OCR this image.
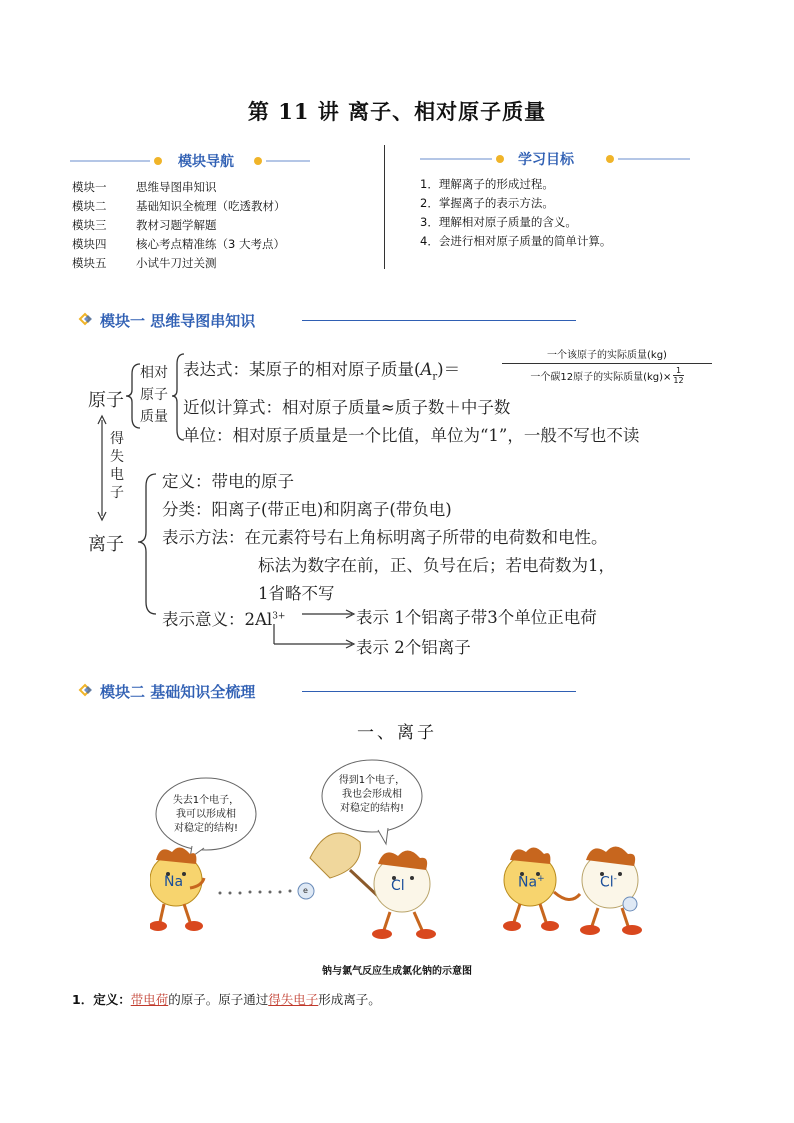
第 11 讲 离子、相对原子质量
模块导航
模块一	思维导图串知识
模块二	基础知识全梳理（吃透教材）
模块三	教材习题学解题
模块四	核心考点精准练（3 大考点）
模块五	小试牛刀过关测
学习目标
1．理解离子的形成过程。
2．掌握离子的表示方法。
3．理解相对原子质量的含义。
4．会进行相对原子质量的简单计算。
模块一 思维导图串知识
原子
相对
原子
质量
表达式：某原子的相对原子质量$(A_r)=$
一个该原子的实际质量(kg)
一个碳12原子的实际质量$(kg)\times \frac{1}{12}$
近似计算式：相对原子质量≈质子数＋中子数
单位：相对原子质量是一个比值，单位为“1”，一般不写也不读
得
失
电
子
离子
定义：带电的原子
分类：阳离子(带正电)和阴离子(带负电)
表示方法：在元素符号右上角标明离子所带的电荷数和电性。
标法为数字在前，正、负号在后；若电荷数为1，
1省略不写
表示意义：$2Al^{3+}$	表示 1个铝离子带3个单位正电荷
表示 2个铝离子
模块二 基础知识全梳理
一、离子
失去1个电子，
我可以形成相
对稳定的结构!
得到1个电子，
我也会形成相
对稳定的结构!
Na	Cl
e	Na+	Cl-
钠与氯气反应生成氯化钠的示意图
1．定义：带电荷的原子。原子通过得失电子形成离子。
